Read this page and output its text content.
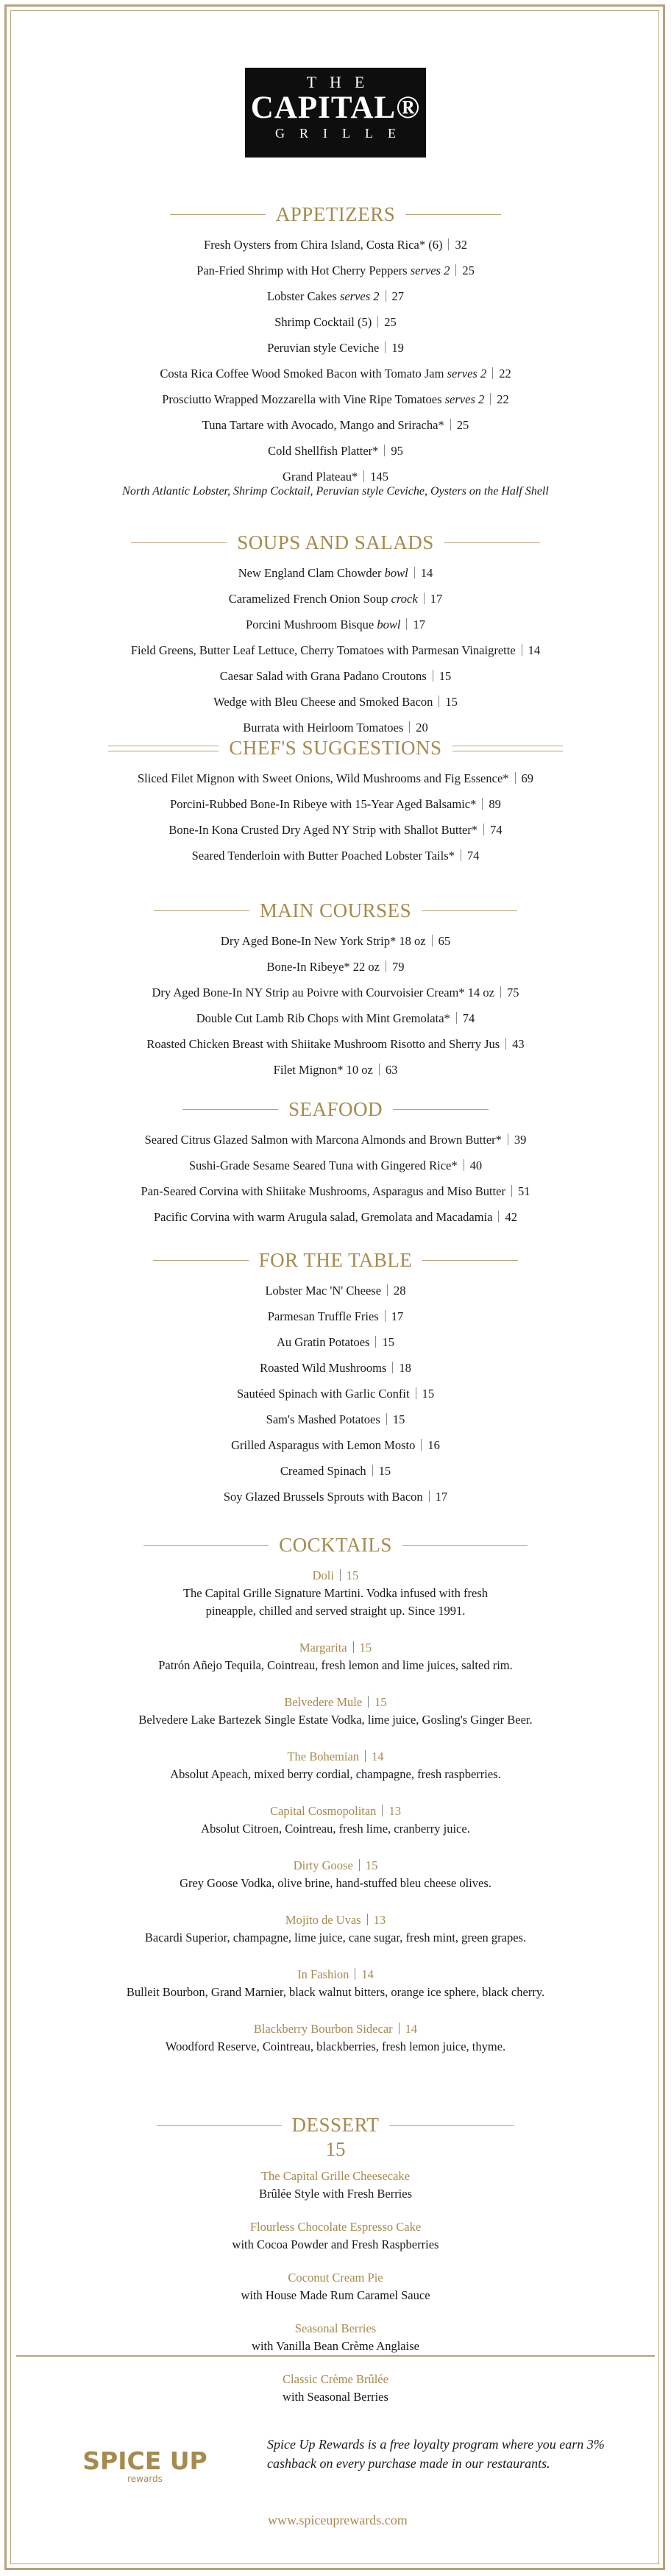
THE
CAPITAL®
GRILLE
APPETIZERS
Fresh Oysters from Chira Island, Costa Rica* (6) 32
Pan-Fried Shrimp with Hot Cherry Peppers serves 2 25
Lobster Cakes serves 2 27
Shrimp Cocktail (5) 25
Peruvian style Ceviche 19
Costa Rica Coffee Wood Smoked Bacon with Tomato Jam serves 2 22
Prosciutto Wrapped Mozzarella with Vine Ripe Tomatoes serves 2 22
Tuna Tartare with Avocado, Mango and Sriracha* 25
Cold Shellfish Platter* 95
Grand Plateau* 145
North Atlantic Lobster, Shrimp Cocktail, Peruvian style Ceviche, Oysters on the Half Shell
SOUPS AND SALADS
New England Clam Chowder bowl 14
Caramelized French Onion Soup crock 17
Porcini Mushroom Bisque bowl 17
Field Greens, Butter Leaf Lettuce, Cherry Tomatoes with Parmesan Vinaigrette 14
Caesar Salad with Grana Padano Croutons 15
Wedge with Bleu Cheese and Smoked Bacon 15
Burrata with Heirloom Tomatoes 20
CHEF'S SUGGESTIONS
Sliced Filet Mignon with Sweet Onions, Wild Mushrooms and Fig Essence* 69
Porcini-Rubbed Bone-In Ribeye with 15-Year Aged Balsamic* 89
Bone-In Kona Crusted Dry Aged NY Strip with Shallot Butter* 74
Seared Tenderloin with Butter Poached Lobster Tails* 74
MAIN COURSES
Dry Aged Bone-In New York Strip* 18 oz 65
Bone-In Ribeye* 22 oz 79
Dry Aged Bone-In NY Strip au Poivre with Courvoisier Cream* 14 oz 75
Double Cut Lamb Rib Chops with Mint Gremolata* 74
Roasted Chicken Breast with Shiitake Mushroom Risotto and Sherry Jus 43
Filet Mignon* 10 oz 63
SEAFOOD
Seared Citrus Glazed Salmon with Marcona Almonds and Brown Butter* 39
Sushi-Grade Sesame Seared Tuna with Gingered Rice* 40
Pan-Seared Corvina with Shiitake Mushrooms, Asparagus and Miso Butter 51
Pacific Corvina with warm Arugula salad, Gremolata and Macadamia 42
FOR THE TABLE
Lobster Mac 'N' Cheese 28
Parmesan Truffle Fries 17
Au Gratin Potatoes 15
Roasted Wild Mushrooms 18
Sautéed Spinach with Garlic Confit 15
Sam's Mashed Potatoes 15
Grilled Asparagus with Lemon Mosto 16
Creamed Spinach 15
Soy Glazed Brussels Sprouts with Bacon 17
COCKTAILS
Doli 15
The Capital Grille Signature Martini. Vodka infused with fresh
pineapple, chilled and served straight up. Since 1991.
Margarita 15
Patrón Añejo Tequila, Cointreau, fresh lemon and lime juices, salted rim.
Belvedere Mule 15
Belvedere Lake Bartezek Single Estate Vodka, lime juice, Gosling's Ginger Beer.
The Bohemian 14
Absolut Apeach, mixed berry cordial, champagne, fresh raspberries.
Capital Cosmopolitan 13
Absolut Citroen, Cointreau, fresh lime, cranberry juice.
Dirty Goose 15
Grey Goose Vodka, olive brine, hand-stuffed bleu cheese olives.
Mojito de Uvas 13
Bacardi Superior, champagne, lime juice, cane sugar, fresh mint, green grapes.
In Fashion 14
Bulleit Bourbon, Grand Marnier, black walnut bitters, orange ice sphere, black cherry.
Blackberry Bourbon Sidecar 14
Woodford Reserve, Cointreau, blackberries, fresh lemon juice, thyme.
DESSERT
15
The Capital Grille Cheesecake
Brûlée Style with Fresh Berries
Flourless Chocolate Espresso Cake
with Cocoa Powder and Fresh Raspberries
Coconut Cream Pie
with House Made Rum Caramel Sauce
Seasonal Berries
with Vanilla Bean Crème Anglaise
Classic Crème Brûlée
with Seasonal Berries
SPICE UP
rewards
Spice Up Rewards is a free loyalty program where you earn 3% cashback on every purchase made in our restaurants.
www.spiceuprewards.com
